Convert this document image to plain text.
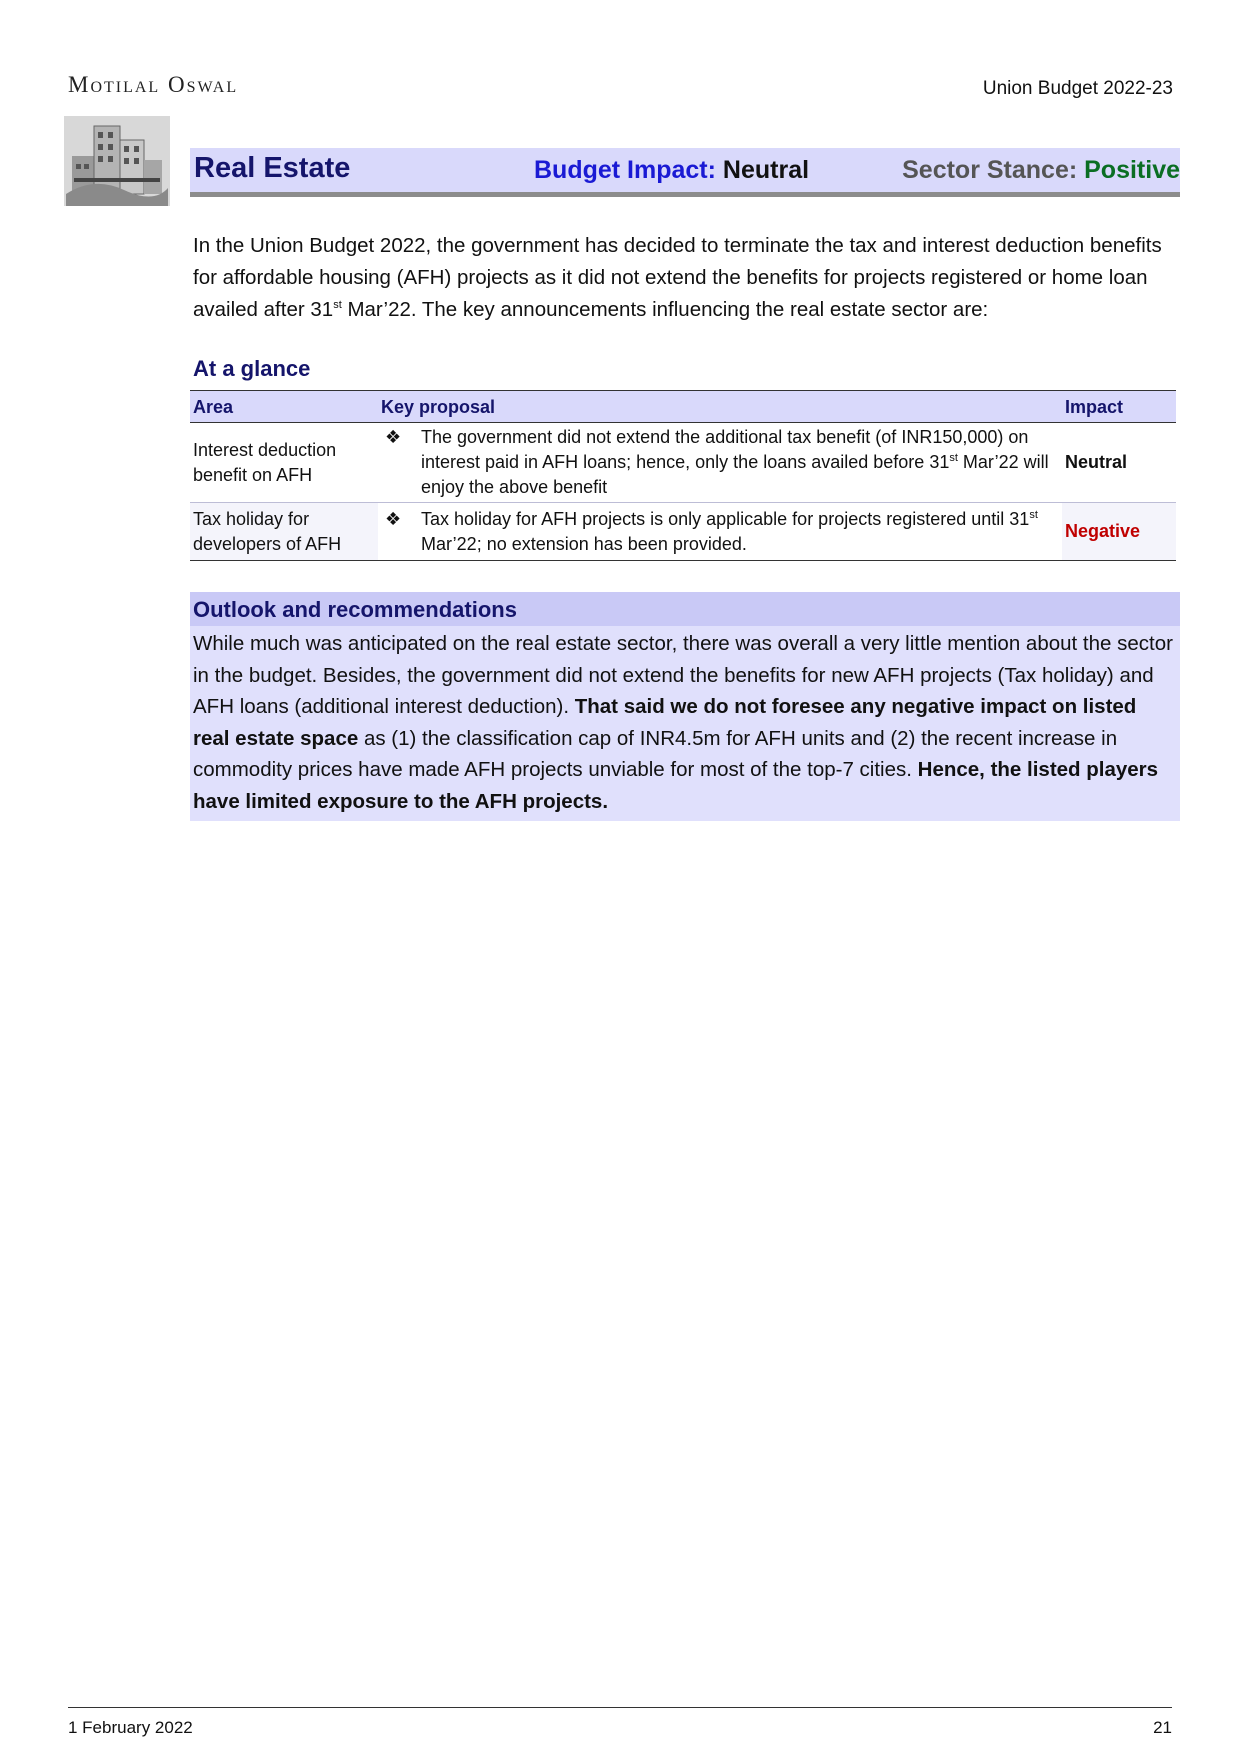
Motilal Oswal	Union Budget 2022-23
Real Estate	Budget Impact: Neutral	Sector Stance: Positive
In the Union Budget 2022, the government has decided to terminate the tax and interest deduction benefits for affordable housing (AFH) projects as it did not extend the benefits for projects registered or home loan availed after 31st Mar’22. The key announcements influencing the real estate sector are:
At a glance
Area	Key proposal	Impact
Interest deduction benefit on AFH	❖ The government did not extend the additional tax benefit (of INR150,000) on interest paid in AFH loans; hence, only the loans availed before 31st Mar’22 will enjoy the above benefit	Neutral
Tax holiday for developers of AFH	❖ Tax holiday for AFH projects is only applicable for projects registered until 31st Mar’22; no extension has been provided.	Negative
Outlook and recommendations
While much was anticipated on the real estate sector, there was overall a very little mention about the sector in the budget. Besides, the government did not extend the benefits for new AFH projects (Tax holiday) and AFH loans (additional interest deduction). That said we do not foresee any negative impact on listed real estate space as (1) the classification cap of INR4.5m for AFH units and (2) the recent increase in commodity prices have made AFH projects unviable for most of the top-7 cities. Hence, the listed players have limited exposure to the AFH projects.
1 February 2022	21
